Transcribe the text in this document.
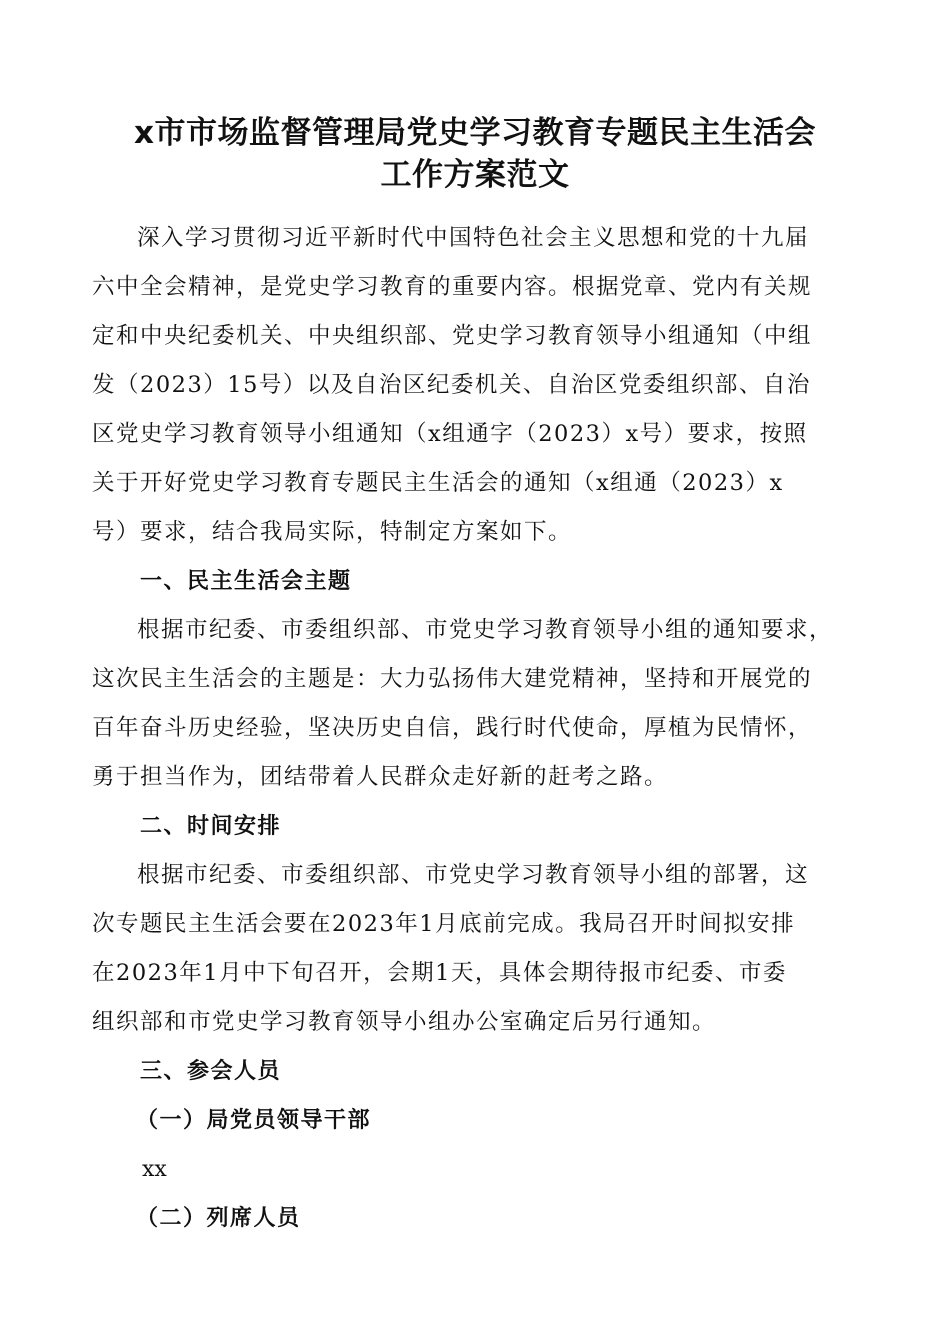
x市市场监督管理局党史学习教育专题民主生活会
工作方案范文

深入学习贯彻习近平新时代中国特色社会主义思想和党的十九届
六中全会精神，是党史学习教育的重要内容。根据党章、党内有关规
定和中央纪委机关、中央组织部、党史学习教育领导小组通知（中组
发（2023）15号）以及自治区纪委机关、自治区党委组织部、自治
区党史学习教育领导小组通知（x组通字（2023）x号）要求，按照
关于开好党史学习教育专题民主生活会的通知（x组通（2023）x
号）要求，结合我局实际，特制定方案如下。

一、民主生活会主题

根据市纪委、市委组织部、市党史学习教育领导小组的通知要求，
这次民主生活会的主题是：大力弘扬伟大建党精神，坚持和开展党的
百年奋斗历史经验，坚决历史自信，践行时代使命，厚植为民情怀，
勇于担当作为，团结带着人民群众走好新的赶考之路。

二、时间安排

根据市纪委、市委组织部、市党史学习教育领导小组的部署，这
次专题民主生活会要在2023年1月底前完成。我局召开时间拟安排
在2023年1月中下旬召开，会期1天，具体会期待报市纪委、市委
组织部和市党史学习教育领导小组办公室确定后另行通知。

三、参会人员
（一）局党员领导干部

xx

（二）列席人员
